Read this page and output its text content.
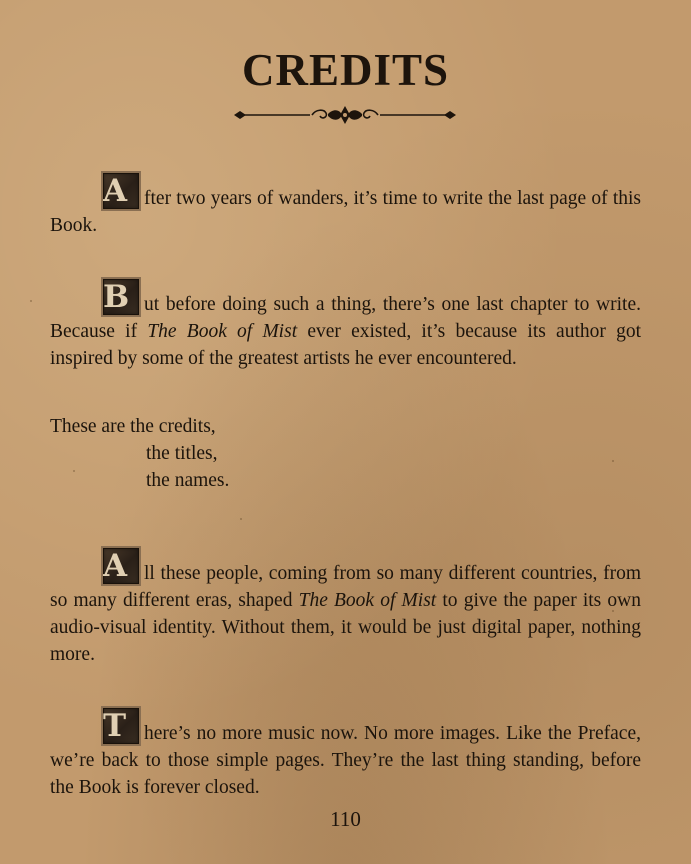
CREDITS

A fter two years of wanders, it’s time to write the last page of this Book.

B ut before doing such a thing, there’s one last chapter to write. Because if The Book of Mist ever existed, it’s because its author got inspired by some of the greatest artists he ever encountered.

These are the credits,
the titles,
the names.

A ll these people, coming from so many different countries, from so many different eras, shaped The Book of Mist to give the paper its own audio-visual identity. Without them, it would be just digital paper, nothing more.

T here’s no more music now. No more images. Like the Preface, we’re back to those simple pages. They’re the last thing standing, before the Book is forever closed.

110
